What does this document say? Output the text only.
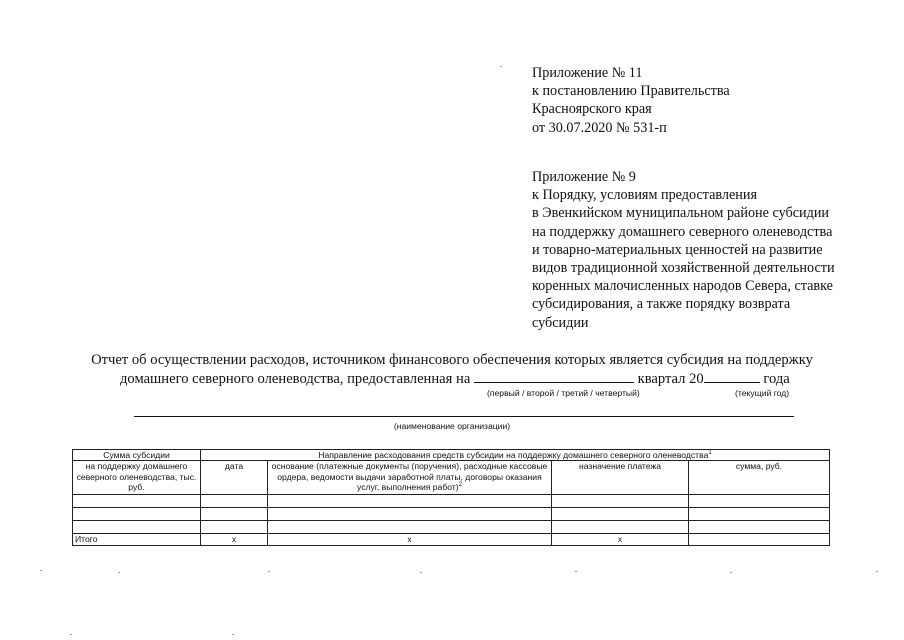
Приложение № 11
к постановлению Правительства
Красноярского края
от 30.07.2020 № 531-п
Приложение № 9
к Порядку, условиям предоставления
в Эвенкийском муниципальном районе субсидии
на поддержку домашнего северного оленеводства
и товарно-материальных ценностей на развитие
видов традиционной хозяйственной деятельности
коренных малочисленных народов Севера, ставке
субсидирования, а также порядку возврата
субсидии
Отчет об осуществлении расходов, источником финансового обеспечения которых является субсидия на поддержку
домашнего северного оленеводства, предоставленная на	квартал 20	года
(первый / второй / третий / четвертый)	(текущий год)
(наименование организации)
Сумма субсидии	Направление расходования средств субсидии на поддержку домашнего северного оленеводства$^1$
на поддержку домашнего северного оленеводства, тыс. руб.	дата	основание (платежные документы (поручения), расходные кассовые ордера, ведомости выдачи заработной платы, договоры оказания услуг, выполнения работ)$^2$	назначение платежа	сумма, руб.

Итого	х	х	х	
